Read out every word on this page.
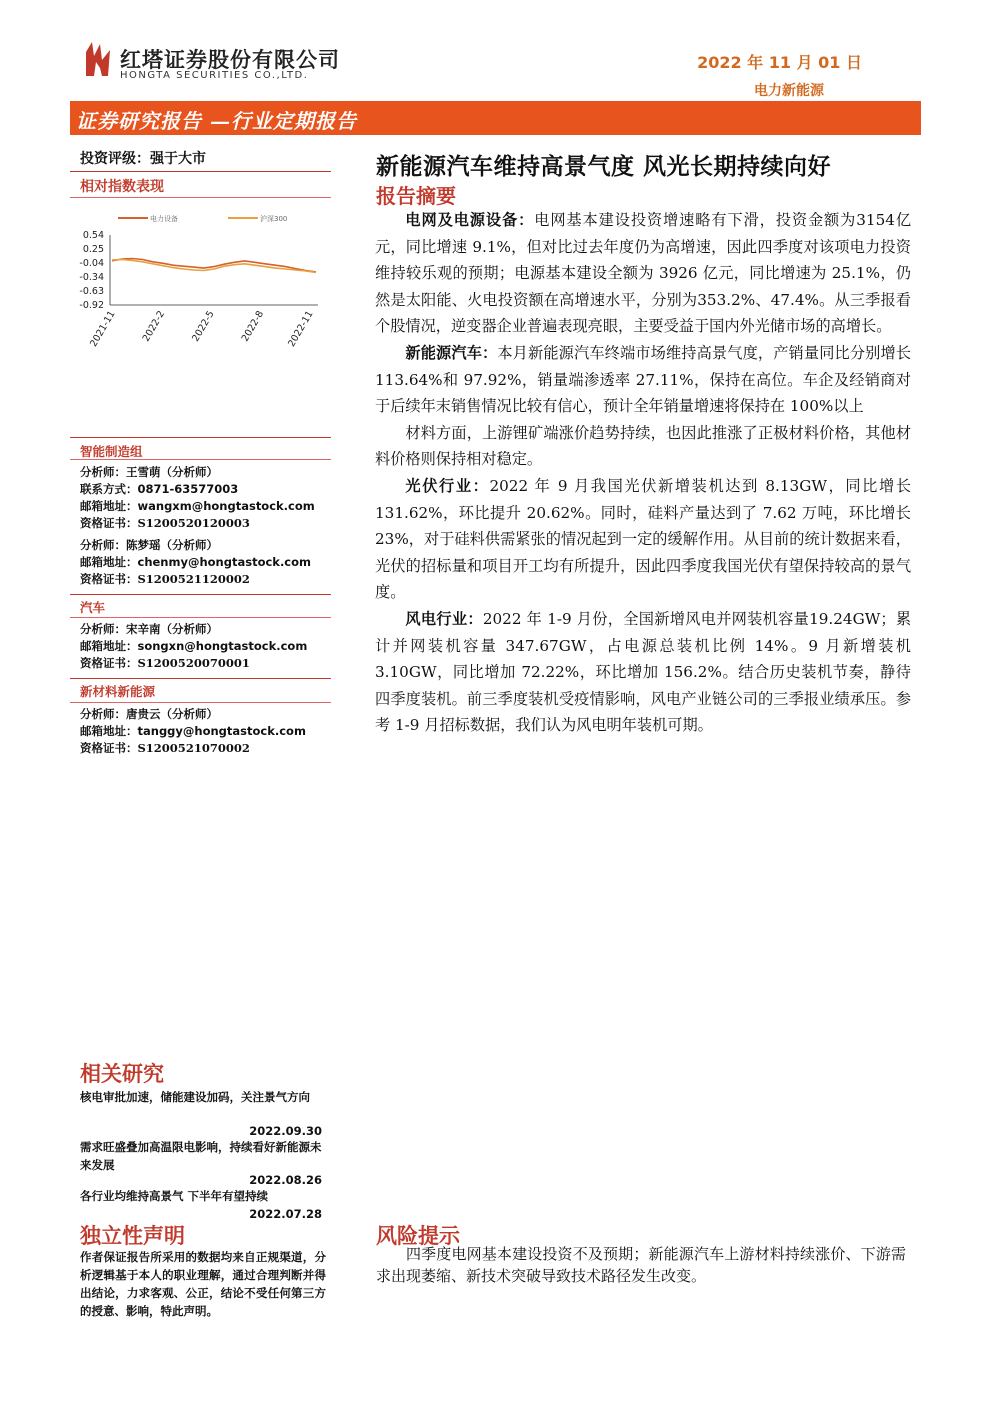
红塔证券股份有限公司
HONGTA SECURITIES CO.,LTD.
2022 年 11 月 01 日
电力新能源
证券研究报告 —行业定期报告
投资评级：强于大市
相对指数表现
电力设备	沪深300
0.54
0.25
-0.04
-0.34
-0.63
-0.92
2021-11 2022-2 2022-5 2022-8 2022-11
智能制造组
分析师：王雪萌（分析师）
联系方式：0871-63577003
邮箱地址：wangxm@hongtastock.com
资格证书：S1200520120003
分析师：陈梦瑶（分析师）
邮箱地址：chenmy@hongtastock.com
资格证书：S1200521120002
汽车
分析师：宋辛南（分析师）
邮箱地址：songxn@hongtastock.com
资格证书：S1200520070001
新材料新能源
分析师：唐贵云（分析师）
邮箱地址：tanggy@hongtastock.com
资格证书：S1200521070002
相关研究
核电审批加速，储能建设加码，关注景气方向
2022.09.30
需求旺盛叠加高温限电影响，持续看好新能源未来发展
2022.08.26
各行业均维持高景气 下半年有望持续
2022.07.28
独立性声明
作者保证报告所采用的数据均来自正规渠道，分析逻辑基于本人的职业理解，通过合理判断并得出结论，力求客观、公正，结论不受任何第三方的授意、影响，特此声明。
新能源汽车维持高景气度 风光长期持续向好
报告摘要

电网及电源设备：电网基本建设投资增速略有下滑，投资金额为3154亿元，同比增速 9.1%，但对比过去年度仍为高增速，因此四季度对该项电力投资维持较乐观的预期；电源基本建设全额为 3926 亿元，同比增速为 25.1%，仍然是太阳能、火电投资额在高增速水平，分别为353.2%、47.4%。从三季报看个股情况，逆变器企业普遍表现亮眼，主要受益于国内外光储市场的高增长。

新能源汽车：本月新能源汽车终端市场维持高景气度，产销量同比分别增长 113.64%和 97.92%，销量端渗透率 27.11%，保持在高位。车企及经销商对于后续年末销售情况比较有信心，预计全年销量增速将保持在 100%以上

材料方面，上游锂矿端涨价趋势持续，也因此推涨了正极材料价格，其他材料价格则保持相对稳定。

光伏行业：2022 年 9 月我国光伏新增装机达到 8.13GW，同比增长 131.62%，环比提升 20.62%。同时，硅料产量达到了 7.62 万吨，环比增长 23%，对于硅料供需紧张的情况起到一定的缓解作用。从目前的统计数据来看，光伏的招标量和项目开工均有所提升，因此四季度我国光伏有望保持较高的景气度。

风电行业：2022 年 1-9 月份，全国新增风电并网装机容量19.24GW；累计并网装机容量 347.67GW，占电源总装机比例 14%。9 月新增装机 3.10GW，同比增加 72.22%，环比增加 156.2%。结合历史装机节奏，静待四季度装机。前三季度装机受疫情影响，风电产业链公司的三季报业绩承压。参考 1-9 月招标数据，我们认为风电明年装机可期。

风险提示
四季度电网基本建设投资不及预期；新能源汽车上游材料持续涨价、下游需求出现萎缩、新技术突破导致技术路径发生改变。
